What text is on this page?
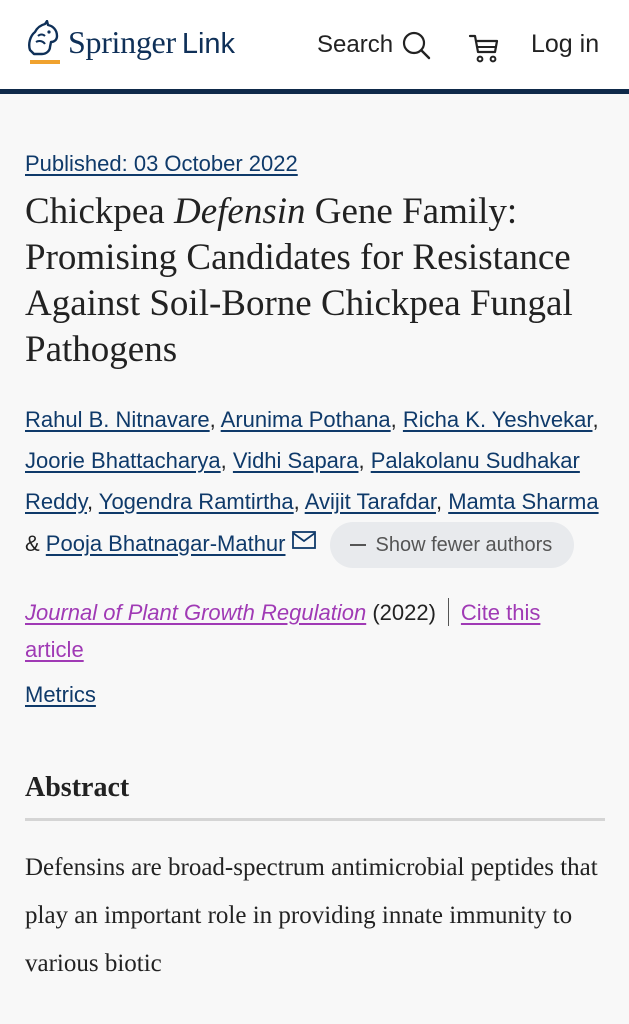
Springer Link	Search	Log in
Published: 03 October 2022
Chickpea Defensin Gene Family: Promising Candidates for Resistance Against Soil-Borne Chickpea Fungal Pathogens
Rahul B. Nitnavare, Arunima Pothana, Richa K. Yeshvekar, Joorie Bhattacharya, Vidhi Sapara, Palakolanu Sudhakar Reddy, Yogendra Ramtirtha, Avijit Tarafdar, Mamta Sharma & Pooja Bhatnagar-Mathur	Show fewer authors
Journal of Plant Growth Regulation (2022) Cite this article
Metrics
Abstract

Defensins are broad-spectrum antimicrobial peptides that play an important role in providing innate immunity to various biotic
